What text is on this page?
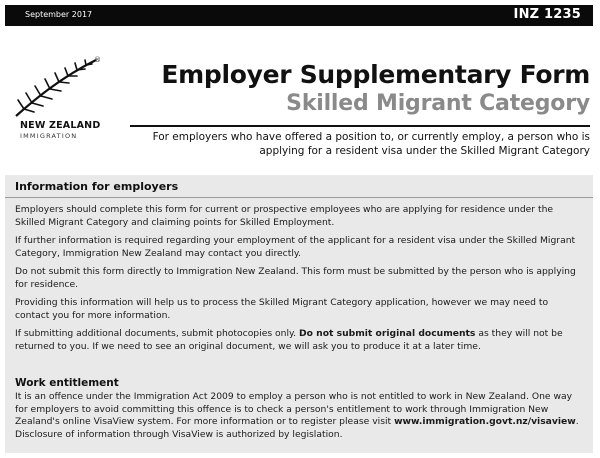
September 2017	INZ 1235
®
NEW ZEALAND
IMMIGRATION
Employer Supplementary Form
Skilled Migrant Category
For employers who have offered a position to, or currently employ, a person who is applying for a resident visa under the Skilled Migrant Category
Information for employers

Employers should complete this form for current or prospective employees who are applying for residence under the Skilled Migrant Category and claiming points for Skilled Employment.

If further information is required regarding your employment of the applicant for a resident visa under the Skilled Migrant Category, Immigration New Zealand may contact you directly.

Do not submit this form directly to Immigration New Zealand. This form must be submitted by the person who is applying for residence.

Providing this information will help us to process the Skilled Migrant Category application, however we may need to contact you for more information.

If submitting additional documents, submit photocopies only. Do not submit original documents as they will not be returned to you. If we need to see an original document, we will ask you to produce it at a later time.

Work entitlement

It is an offence under the Immigration Act 2009 to employ a person who is not entitled to work in New Zealand. One way for employers to avoid committing this offence is to check a person's entitlement to work through Immigration New Zealand's online VisaView system. For more information or to register please visit www.immigration.govt.nz/visaview. Disclosure of information through VisaView is authorized by legislation.
